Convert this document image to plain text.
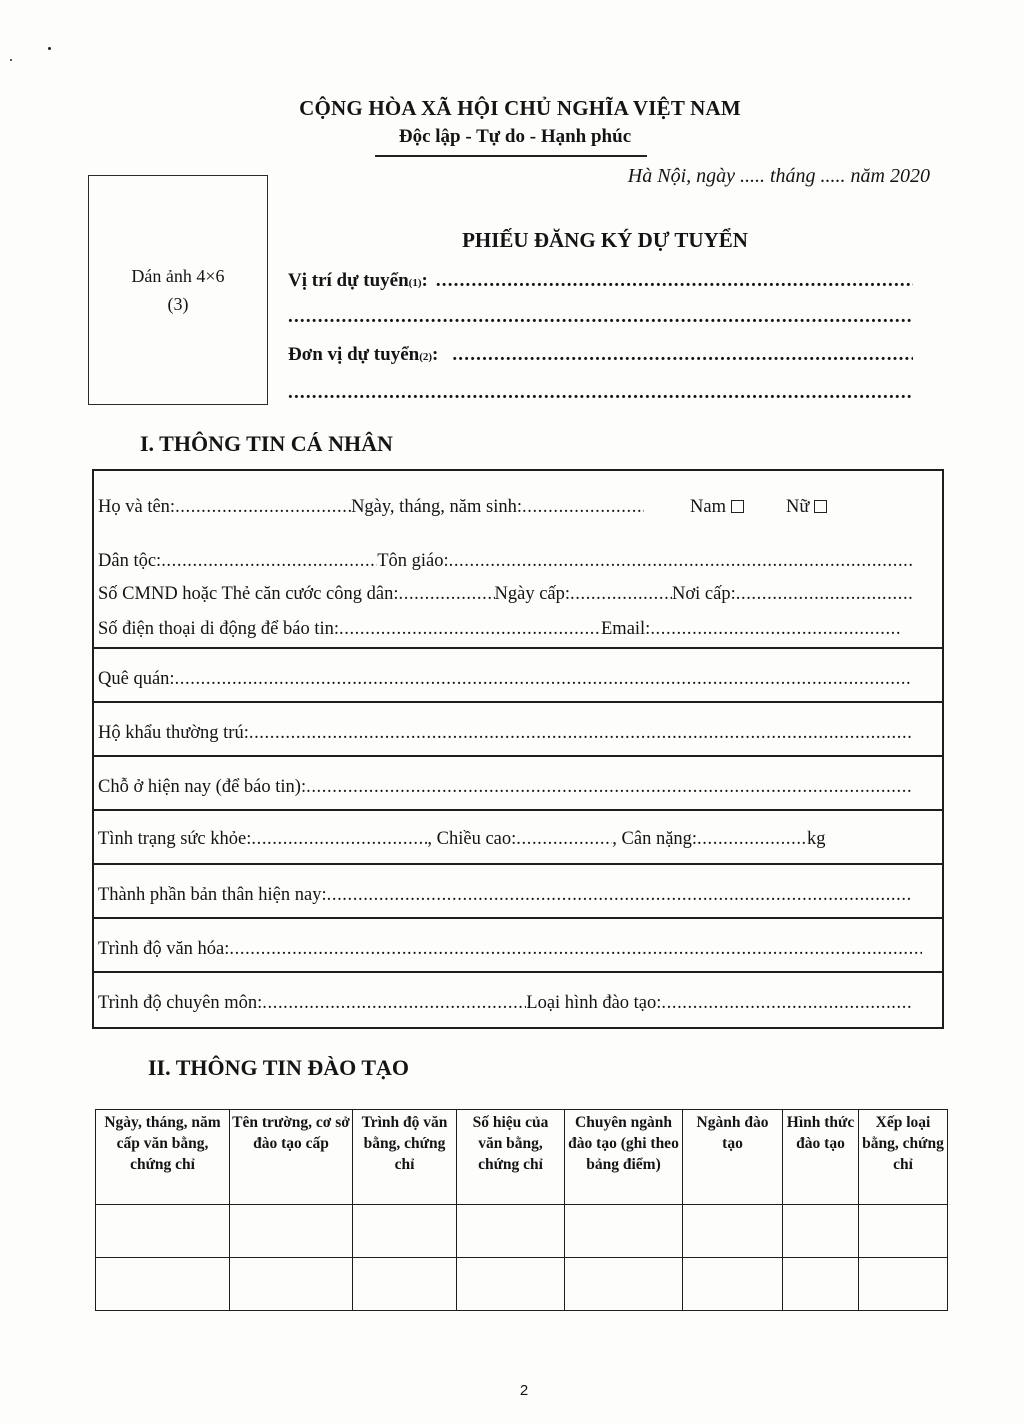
CỘNG HÒA XÃ HỘI CHỦ NGHĨA VIỆT NAM
Độc lập - Tự do - Hạnh phúc
Hà Nội, ngày ..... tháng ..... năm 2020
Dán ảnh 4×6
(3)
PHIẾU ĐĂNG KÝ DỰ TUYỂN
Vị trí dự tuyển (1) :
.....
.....
Đơn vị dự tuyển (2) :
.....
.....
I. THÔNG TIN CÁ NHÂN
Họ và tên: .....	Ngày, tháng, năm sinh: .....	Nam	Nữ
Dân tộc: .....	Tôn giáo:
.....
Số CMND hoặc Thẻ căn cước công dân: .....	Ngày cấp: .....	Nơi cấp:
.....
Số điện thoại di động để báo tin: .....	Email:
.....
Quê quán:
.....
Hộ khẩu thường trú:
.....
Chỗ ở hiện nay (để báo tin):
.....
Tình trạng sức khỏe: .....	, Chiều cao: .....	, Cân nặng: .....	kg
Thành phần bản thân hiện nay:
.....
Trình độ văn hóa:
.....
Trình độ chuyên môn: .....	Loại hình đào tạo:
.....
II. THÔNG TIN ĐÀO TẠO
Ngày, tháng, năm cấp văn bằng, chứng chỉ	Tên trường, cơ sở đào tạo cấp	Trình độ văn bằng, chứng chỉ	Số hiệu của văn bằng, chứng chỉ	Chuyên ngành đào tạo (ghi theo bảng điểm)	Ngành đào tạo	Hình thức đào tạo	Xếp loại bằng, chứng chỉ

2
